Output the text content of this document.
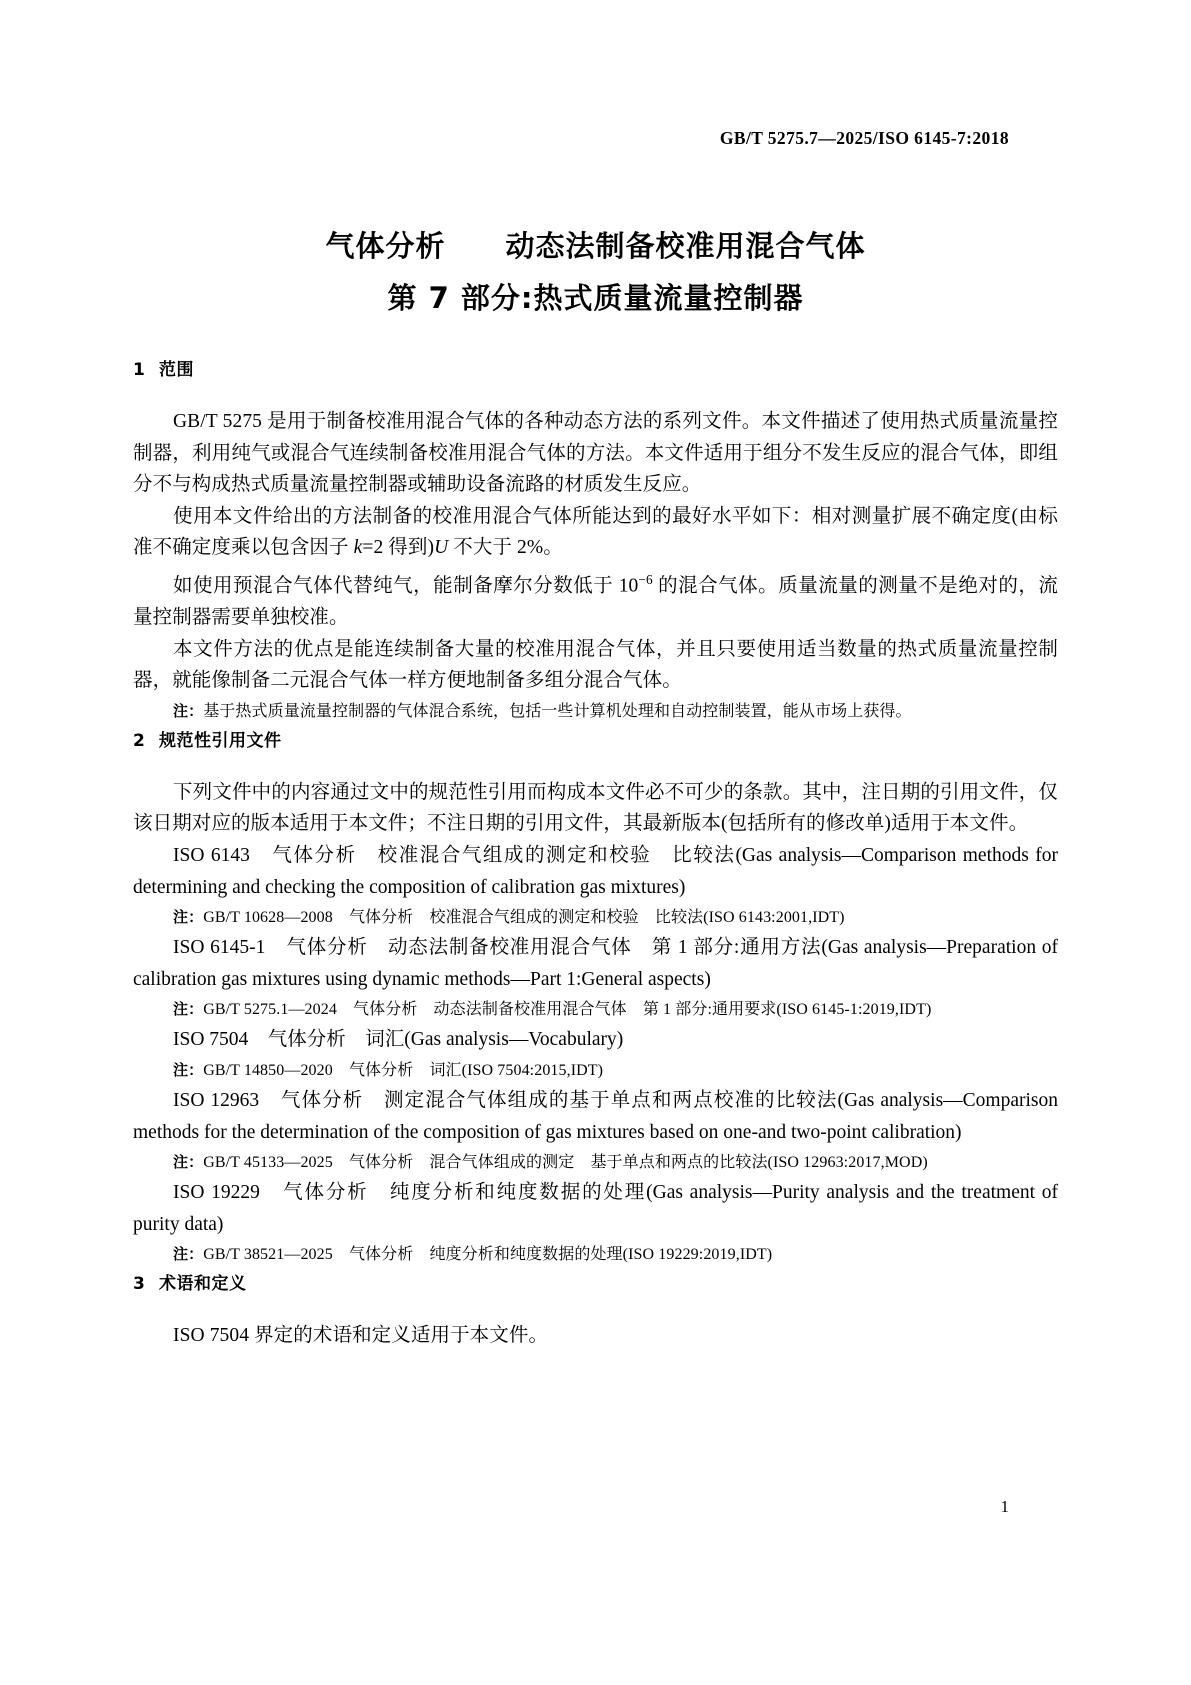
GB/T 5275.7—2025/ISO 6145-7:2018
气体分析　　动态法制备校准用混合气体
第 7 部分:热式质量流量控制器
1 范围

GB/T 5275 是用于制备校准用混合气体的各种动态方法的系列文件。本文件描述了使用热式质量流量控制器，利用纯气或混合气连续制备校准用混合气体的方法。本文件适用于组分不发生反应的混合气体，即组分不与构成热式质量流量控制器或辅助设备流路的材质发生反应。

使用本文件给出的方法制备的校准用混合气体所能达到的最好水平如下：相对测量扩展不确定度(由标准不确定度乘以包含因子 k=2 得到)U 不大于 2%。

如使用预混合气体代替纯气，能制备摩尔分数低于 $10^{-6}$ 的混合气体。质量流量的测量不是绝对的，流量控制器需要单独校准。

本文件方法的优点是能连续制备大量的校准用混合气体，并且只要使用适当数量的热式质量流量控制器，就能像制备二元混合气体一样方便地制备多组分混合气体。

注：基于热式质量流量控制器的气体混合系统，包括一些计算机处理和自动控制装置，能从市场上获得。

2 规范性引用文件

下列文件中的内容通过文中的规范性引用而构成本文件必不可少的条款。其中，注日期的引用文件，仅该日期对应的版本适用于本文件；不注日期的引用文件，其最新版本(包括所有的修改单)适用于本文件。

ISO 6143　气体分析　校准混合气组成的测定和校验　比较法(Gas analysis—Comparison methods for determining and checking the composition of calibration gas mixtures)

注：GB/T 10628—2008　气体分析　校准混合气组成的测定和校验　比较法(ISO 6143:2001,IDT)

ISO 6145-1　气体分析　动态法制备校准用混合气体　第 1 部分:通用方法(Gas analysis—Preparation of calibration gas mixtures using dynamic methods—Part 1:General aspects)

注：GB/T 5275.1—2024　气体分析　动态法制备校准用混合气体　第 1 部分:通用要求(ISO 6145-1:2019,IDT)

ISO 7504　气体分析　词汇(Gas analysis—Vocabulary)

注：GB/T 14850—2020　气体分析　词汇(ISO 7504:2015,IDT)

ISO 12963　气体分析　测定混合气体组成的基于单点和两点校准的比较法(Gas analysis—Comparison methods for the determination of the composition of gas mixtures based on one-and two-point calibration)

注：GB/T 45133—2025　气体分析　混合气体组成的测定　基于单点和两点的比较法(ISO 12963:2017,MOD)

ISO 19229　气体分析　纯度分析和纯度数据的处理(Gas analysis—Purity analysis and the treatment of purity data)

注：GB/T 38521—2025　气体分析　纯度分析和纯度数据的处理(ISO 19229:2019,IDT)

3 术语和定义

ISO 7504 界定的术语和定义适用于本文件。

1
